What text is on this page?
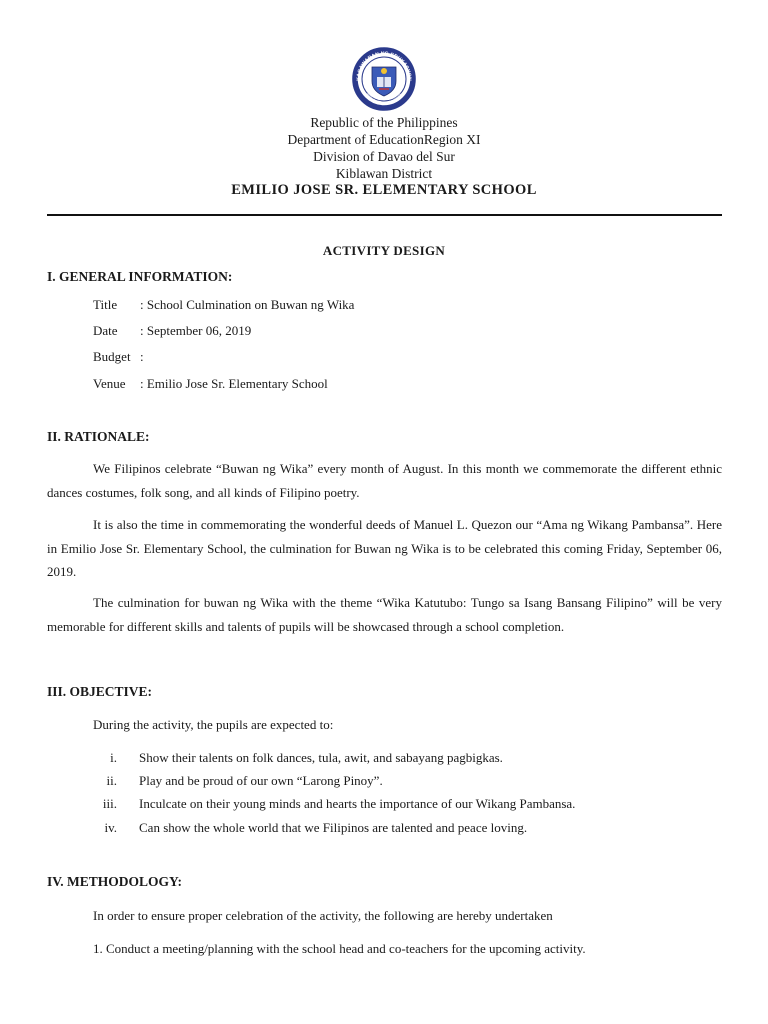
KAGAWARAN NG EDUKASYON
REPUBLIKA NG PILIPINAS
Republic of the Philippines
Department of EducationRegion XI
Division of Davao del Sur
Kiblawan District
EMILIO JOSE SR. ELEMENTARY SCHOOL
ACTIVITY DESIGN
I. GENERAL INFORMATION:
Title : School Culmination on Buwan ng Wika
Date : September 06, 2019
Budget :
Venue : Emilio Jose Sr. Elementary School
II. RATIONALE:

We Filipinos celebrate “Buwan ng Wika” every month of August. In this month we commemorate the different ethnic dances costumes, folk song, and all kinds of Filipino poetry.

It is also the time in commemorating the wonderful deeds of Manuel L. Quezon our “Ama ng Wikang Pambansa”. Here in Emilio Jose Sr. Elementary School, the culmination for Buwan ng Wika is to be celebrated this coming Friday, September 06, 2019.

The culmination for buwan ng Wika with the theme “Wika Katutubo: Tungo sa Isang Bansang Filipino” will be very memorable for different skills and talents of pupils will be showcased through a school completion.

III. OBJECTIVE:
During the activity, the pupils are expected to:
i. Show their talents on folk dances, tula, awit, and sabayang pagbigkas.
ii. Play and be proud of our own “Larong Pinoy”.
iii. Inculcate on their young minds and hearts the importance of our Wikang Pambansa.
iv. Can show the whole world that we Filipinos are talented and peace loving.
IV. METHODOLOGY:
In order to ensure proper celebration of the activity, the following are hereby undertaken
1. Conduct a meeting/planning with the school head and co-teachers for the upcoming activity.
